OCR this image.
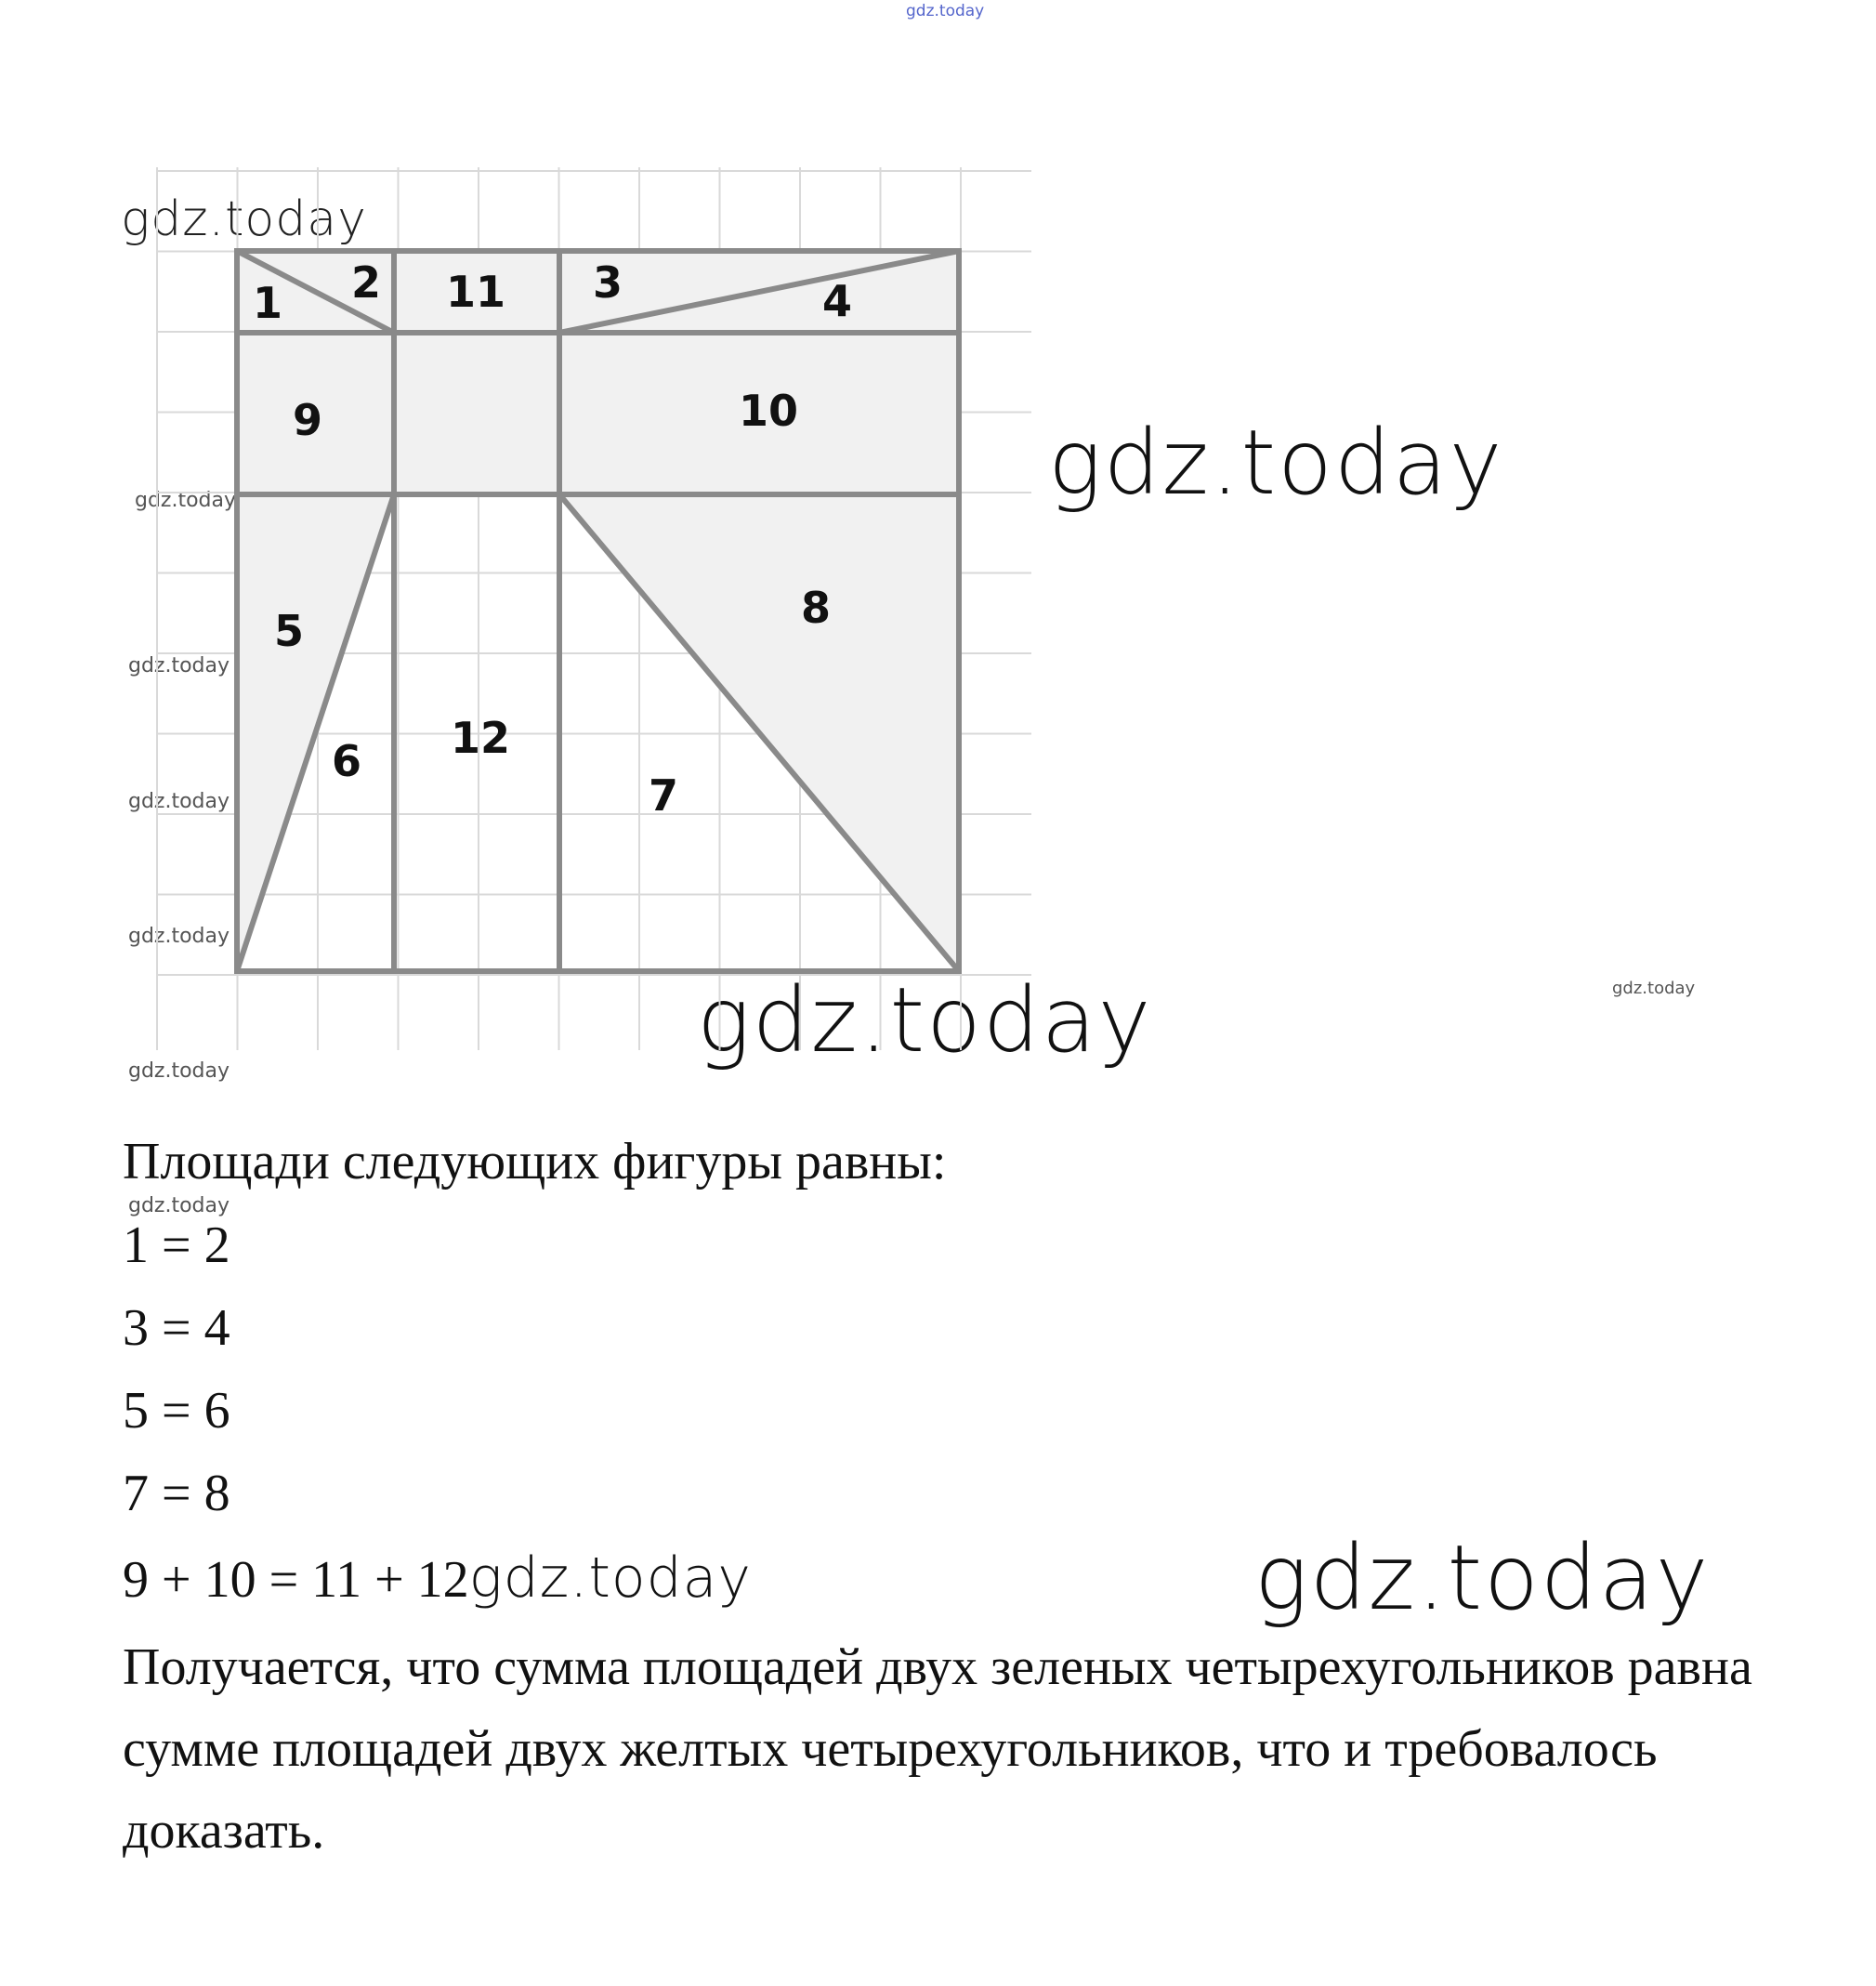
gdz.today
gdz.today
gdz.today
gdz.today
gdz.today
gdz.today
gdz.today
gdz.today
gdz.today
gdz.today
gdz.today
gdz.today
1 2 11 3	4
9	10
5	8
12
6
7
Площади следующих фигуры равны:
1 = 2
3 = 4
5 = 6
7 = 8
9 + 10 = 11 + 12gdz.today
Получается, что сумма площадей двух зеленых четырехугольников равна сумме площадей двух желтых четырехугольников, что и требовалось доказать.
